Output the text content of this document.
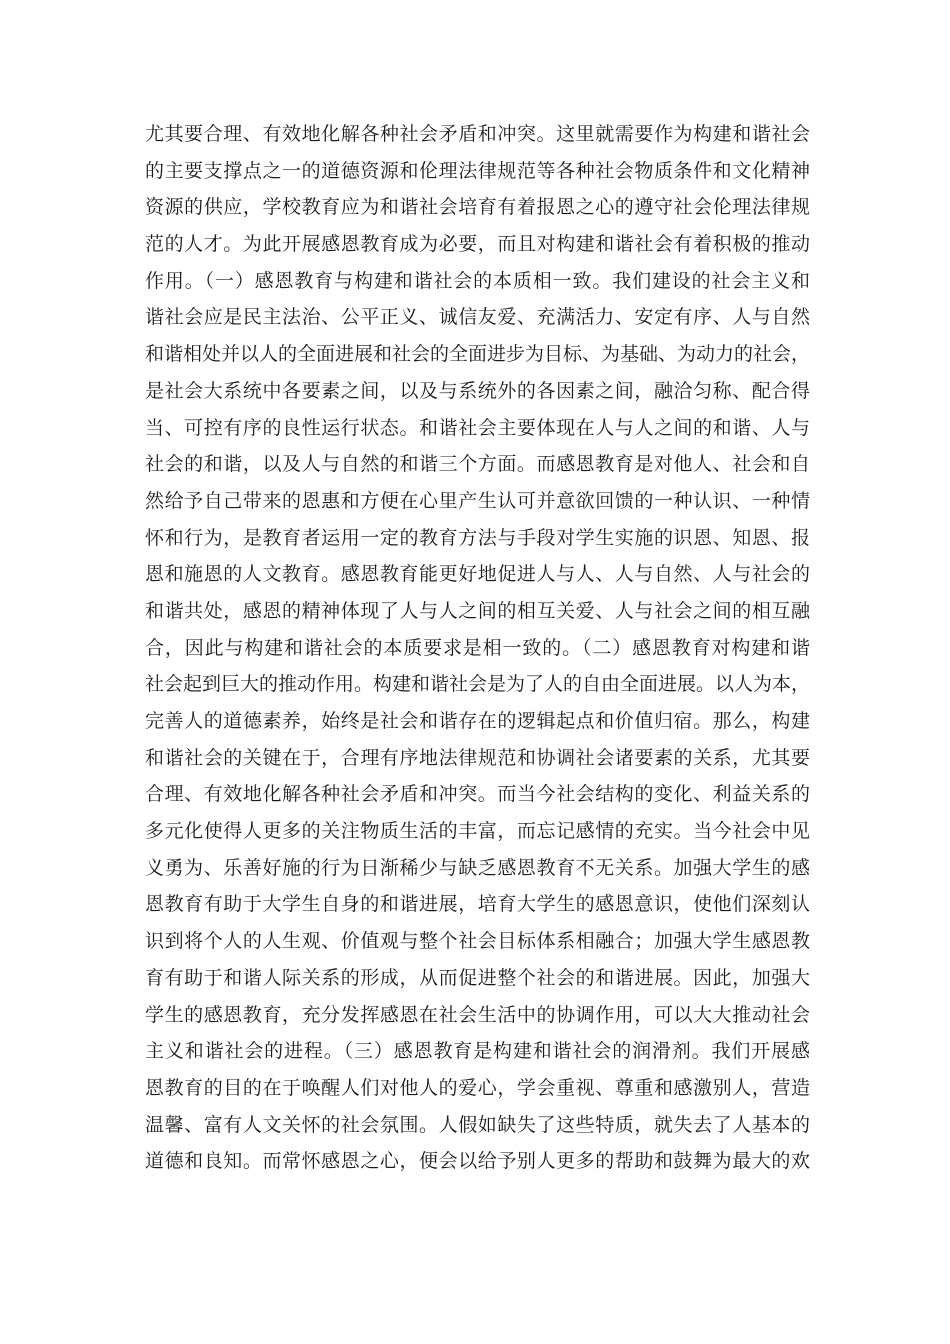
尤其要合理、有效地化解各种社会矛盾和冲突。这里就需要作为构建和谐社会
的主要支撑点之一的道德资源和伦理法律规范等各种社会物质条件和文化精神
资源的供应，学校教育应为和谐社会培育有着报恩之心的遵守社会伦理法律规
范的人才。为此开展感恩教育成为必要，而且对构建和谐社会有着积极的推动
作用。（一）感恩教育与构建和谐社会的本质相一致。我们建设的社会主义和
谐社会应是民主法治、公平正义、诚信友爱、充满活力、安定有序、人与自然
和谐相处并以人的全面进展和社会的全面进步为目标、为基础、为动力的社会，
是社会大系统中各要素之间，以及与系统外的各因素之间，融洽匀称、配合得
当、可控有序的良性运行状态。和谐社会主要体现在人与人之间的和谐、人与
社会的和谐，以及人与自然的和谐三个方面。而感恩教育是对他人、社会和自
然给予自己带来的恩惠和方便在心里产生认可并意欲回馈的一种认识、一种情
怀和行为，是教育者运用一定的教育方法与手段对学生实施的识恩、知恩、报
恩和施恩的人文教育。感恩教育能更好地促进人与人、人与自然、人与社会的
和谐共处，感恩的精神体现了人与人之间的相互关爱、人与社会之间的相互融
合，因此与构建和谐社会的本质要求是相一致的。（二）感恩教育对构建和谐
社会起到巨大的推动作用。构建和谐社会是为了人的自由全面进展。以人为本，
完善人的道德素养，始终是社会和谐存在的逻辑起点和价值归宿。那么，构建
和谐社会的关键在于，合理有序地法律规范和协调社会诸要素的关系，尤其要
合理、有效地化解各种社会矛盾和冲突。而当今社会结构的变化、利益关系的
多元化使得人更多的关注物质生活的丰富，而忘记感情的充实。当今社会中见
义勇为、乐善好施的行为日渐稀少与缺乏感恩教育不无关系。加强大学生的感
恩教育有助于大学生自身的和谐进展，培育大学生的感恩意识，使他们深刻认
识到将个人的人生观、价值观与整个社会目标体系相融合；加强大学生感恩教
育有助于和谐人际关系的形成，从而促进整个社会的和谐进展。因此，加强大
学生的感恩教育，充分发挥感恩在社会生活中的协调作用，可以大大推动社会
主义和谐社会的进程。（三）感恩教育是构建和谐社会的润滑剂。我们开展感
恩教育的目的在于唤醒人们对他人的爱心，学会重视、尊重和感激别人，营造
温馨、富有人文关怀的社会氛围。人假如缺失了这些特质，就失去了人基本的
道德和良知。而常怀感恩之心，便会以给予别人更多的帮助和鼓舞为最大的欢
